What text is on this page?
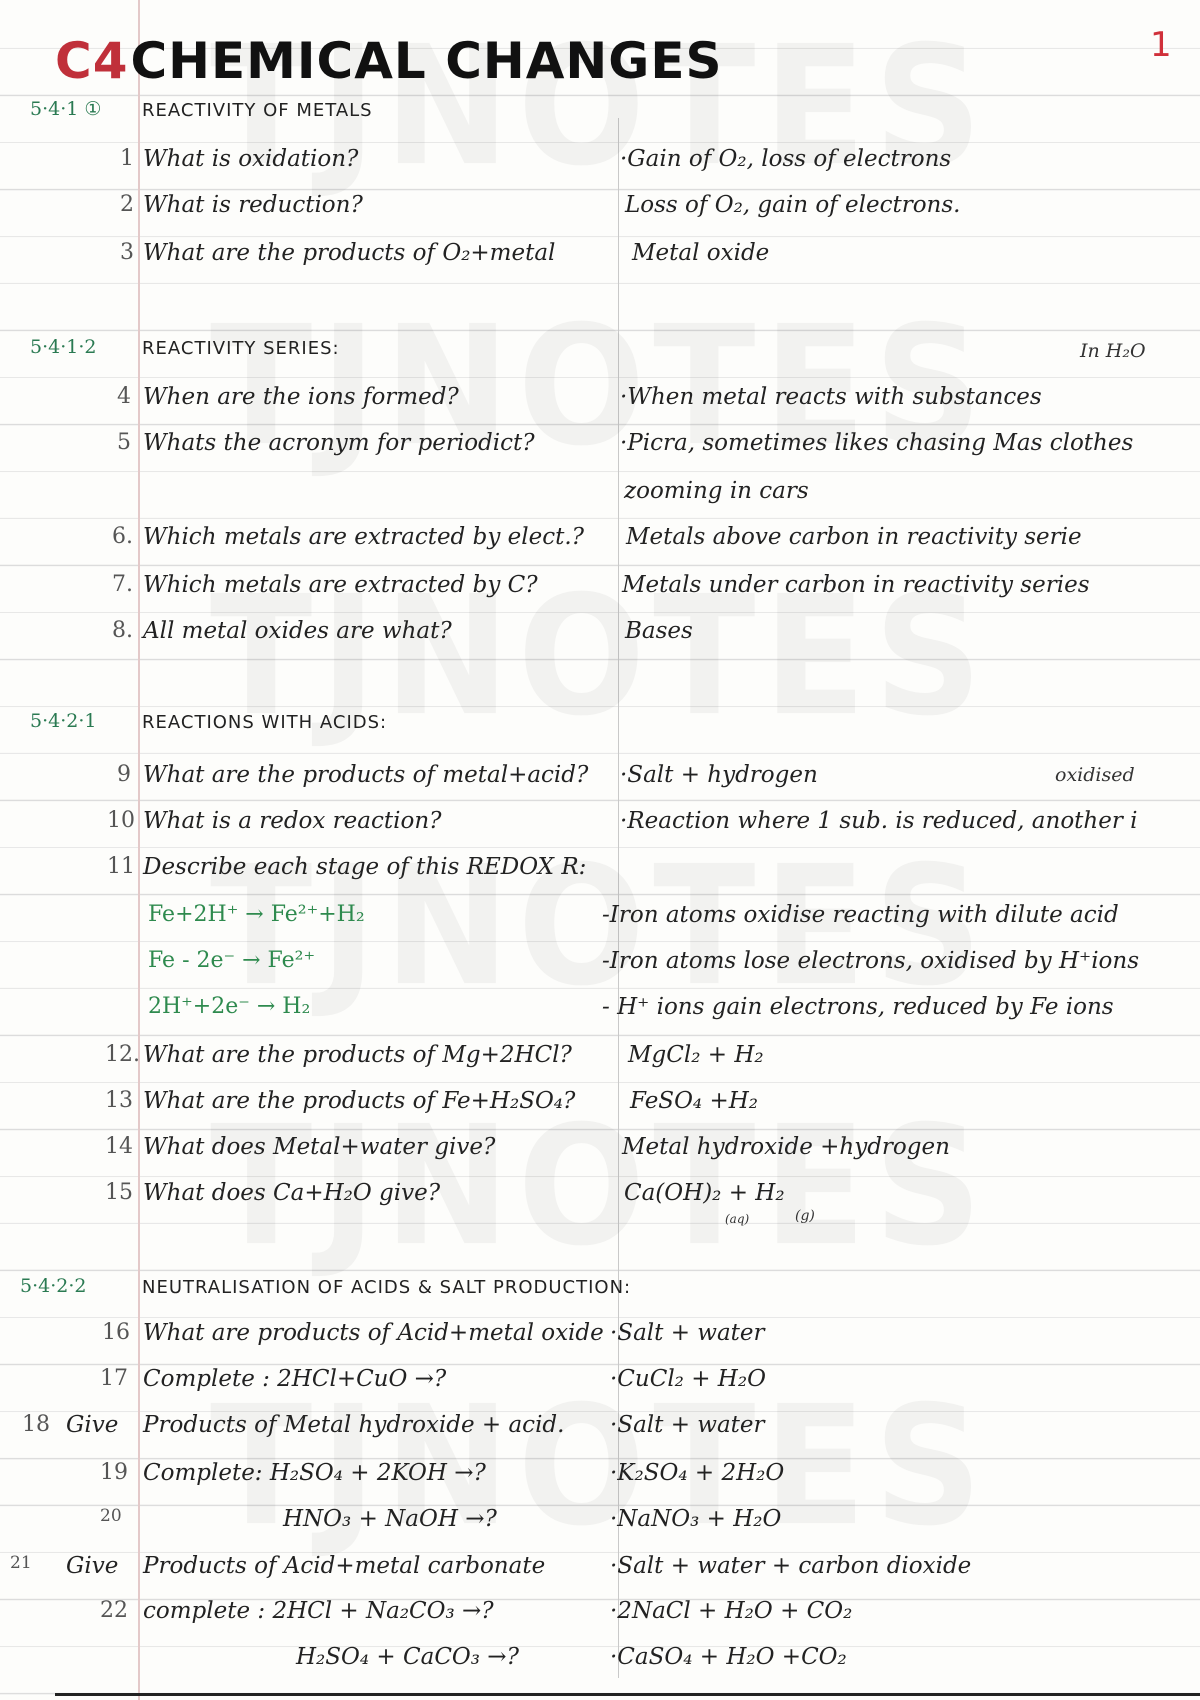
C4CHEMICAL CHANGES	1
5·4·1 ① REACTIVITY OF METALS
5·4·1·2	REACTIVITY SERIES:
5·4·2·1	REACTIONS WITH ACIDS:
5·4·2·2	NEUTRALISATION OF ACIDS & SALT PRODUCTION:
In H₂O
oxidised
1 What is oxidation?	·Gain of O₂, loss of electrons
2 What is reduction?	Loss of O₂, gain of electrons.
3 What are the products of O₂+metal	Metal oxide
4 When are the ions formed?	·When metal reacts with substances
5 Whats the acronym for periodict?	·Picra, sometimes likes chasing Mas clothes
zooming in cars
6. Which metals are extracted by elect.? Metals above carbon in reactivity serie
7. Which metals are extracted by C?	Metals under carbon in reactivity series
8. All metal oxides are what?	Bases
9 What are the products of metal+acid? ·Salt + hydrogen
10 What is a redox reaction?	·Reaction where 1 sub. is reduced, another i
11 Describe each stage of this REDOX R:
Fe+2H⁺ → Fe²⁺+H₂	-Iron atoms oxidise reacting with dilute acid
Fe - 2e⁻ → Fe²⁺	-Iron atoms lose electrons, oxidised by H⁺ions
2H⁺+2e⁻ → H₂	- H⁺ ions gain electrons, reduced by Fe ions
12. What are the products of Mg+2HCl? MgCl₂ + H₂
13 What are the products of Fe+H₂SO₄? FeSO₄ +H₂
14 What does Metal+water give?	Metal hydroxide +hydrogen
15 What does Ca+H₂O give?	Ca(OH)₂ + H₂
(aq)	(g)
16 What are products of Acid+metal oxide ·Salt + water
17 Complete : 2HCl+CuO →?	·CuCl₂ + H₂O
18 Give Products of Metal hydroxide + acid. ·Salt + water
19 Complete: H₂SO₄ + 2KOH →?	·K₂SO₄ + 2H₂O
20	HNO₃ + NaOH →?	·NaNO₃ + H₂O
21 Give Products of Acid+metal carbonate	·Salt + water + carbon dioxide
22 complete : 2HCl + Na₂CO₃ →?	·2NaCl + H₂O + CO₂
H₂SO₄ + CaCO₃ →?	·CaSO₄ + H₂O +CO₂
